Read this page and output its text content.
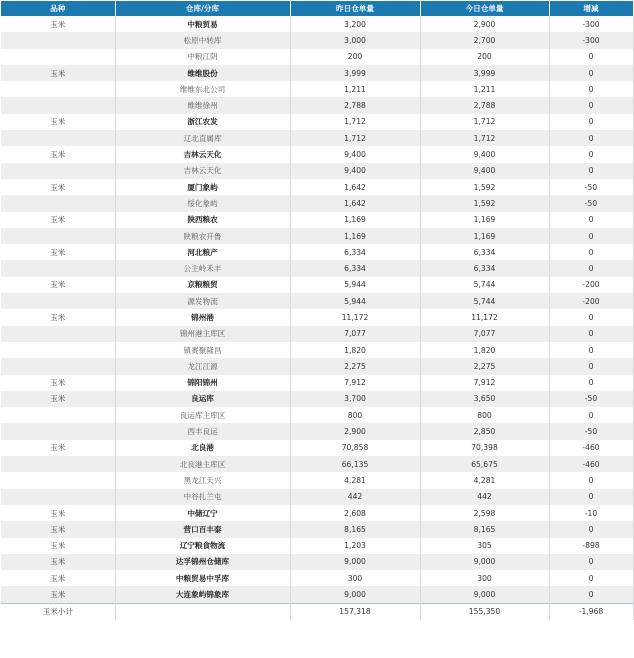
品种	仓库/分库	昨日仓单量	今日仓单量	增减
玉米	中粮贸易	3,200	2,900	-300
	松原中转库	3,000	2,700	-300
	中粮江阴	200	200	0
玉米	维维股份	3,999	3,999	0
	维维东北公司	1,211	1,211	0
	维维徐州	2,788	2,788	0
玉米	浙江农发	1,712	1,712	0
	辽北直属库	1,712	1,712	0
玉米	吉林云天化	9,400	9,400	0
	吉林云天化	9,400	9,400	0
玉米	厦门象屿	1,642	1,592	-50
	绥化象屿	1,642	1,592	-50
玉米	陕西粮农	1,169	1,169	0
	陕粮农开鲁	1,169	1,169	0
玉米	河北粮产	6,334	6,334	0
	公主岭禾丰	6,334	6,334	0
玉米	京粮粮贸	5,944	5,744	-200
	源发物流	5,944	5,744	-200
玉米	锦州港	11,172	11,172	0
	锦州港主库区	7,077	7,077	0
	镇赉聚隆昌	1,820	1,820	0
	龙江江源	2,275	2,275	0
玉米	锦阳锦州	7,912	7,912	0
玉米	良运库	3,700	3,650	-50
	良运库主库区	800	800	0
	西丰良运	2,900	2,850	-50
玉米	北良港	70,858	70,398	-460
	北良港主库区	66,135	65,675	-460
	黑龙江天兴	4,281	4,281	0
	中谷扎兰屯	442	442	0
玉米	中储辽宁	2,608	2,598	-10
玉米	营口百丰泰	8,165	8,165	0
玉米	辽宁粮食物流	1,203	305	-898
玉米	达孚锦州仓储库	9,000	9,000	0
玉米	中粮贸易中孚库	300	300	0
玉米	大连象屿锦象库	9,000	9,000	0
玉米小计		157,318	155,350	-1,968
